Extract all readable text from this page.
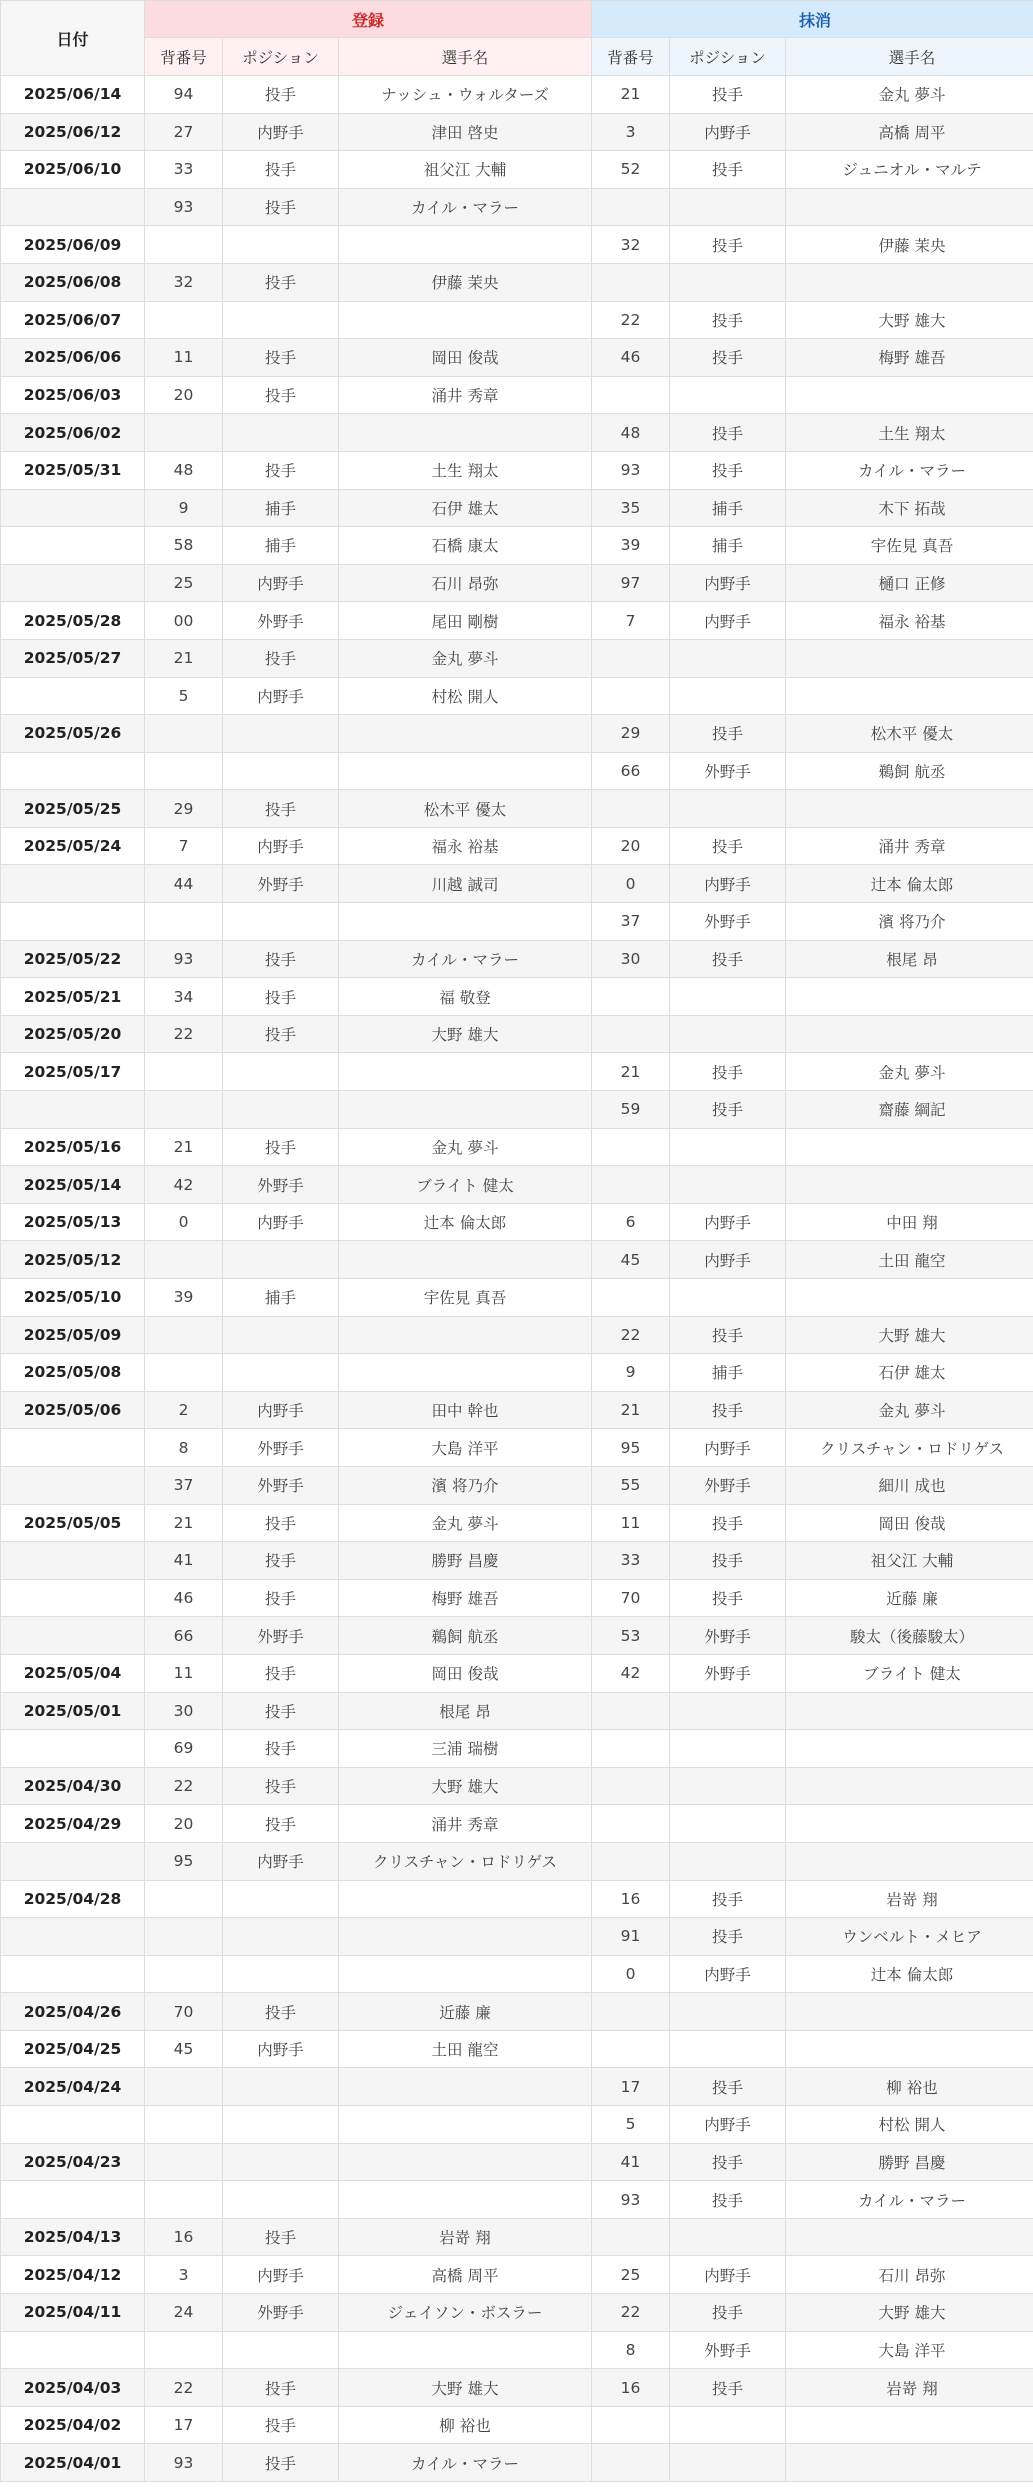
日付	登録			抹消		
	背番号	ポジション	選手名	背番号	ポジション	選手名
2025/06/14	94	投手	ナッシュ・ウォルターズ	21	投手	金丸 夢斗
2025/06/12	27	内野手	津田 啓史	3	内野手	高橋 周平
2025/06/10	33	投手	祖父江 大輔	52	投手	ジュニオル・マルテ
	93	投手	カイル・マラー			
2025/06/09				32	投手	伊藤 茉央
2025/06/08	32	投手	伊藤 茉央			
2025/06/07				22	投手	大野 雄大
2025/06/06	11	投手	岡田 俊哉	46	投手	梅野 雄吾
2025/06/03	20	投手	涌井 秀章			
2025/06/02				48	投手	土生 翔太
2025/05/31	48	投手	土生 翔太	93	投手	カイル・マラー
	9	捕手	石伊 雄太	35	捕手	木下 拓哉
	58	捕手	石橋 康太	39	捕手	宇佐見 真吾
	25	内野手	石川 昂弥	97	内野手	樋口 正修
2025/05/28	00	外野手	尾田 剛樹	7	内野手	福永 裕基
2025/05/27	21	投手	金丸 夢斗			
	5	内野手	村松 開人			
2025/05/26				29	投手	松木平 優太
				66	外野手	鵜飼 航丞
2025/05/25	29	投手	松木平 優太			
2025/05/24	7	内野手	福永 裕基	20	投手	涌井 秀章
	44	外野手	川越 誠司	0	内野手	辻本 倫太郎
				37	外野手	濱 将乃介
2025/05/22	93	投手	カイル・マラー	30	投手	根尾 昂
2025/05/21	34	投手	福 敬登			
2025/05/20	22	投手	大野 雄大			
2025/05/17				21	投手	金丸 夢斗
				59	投手	齋藤 綱記
2025/05/16	21	投手	金丸 夢斗			
2025/05/14	42	外野手	ブライト 健太			
2025/05/13	0	内野手	辻本 倫太郎	6	内野手	中田 翔
2025/05/12				45	内野手	土田 龍空
2025/05/10	39	捕手	宇佐見 真吾			
2025/05/09				22	投手	大野 雄大
2025/05/08				9	捕手	石伊 雄太
2025/05/06	2	内野手	田中 幹也	21	投手	金丸 夢斗
	8	外野手	大島 洋平	95	内野手	クリスチャン・ロドリゲス
	37	外野手	濱 将乃介	55	外野手	細川 成也
2025/05/05	21	投手	金丸 夢斗	11	投手	岡田 俊哉
	41	投手	勝野 昌慶	33	投手	祖父江 大輔
	46	投手	梅野 雄吾	70	投手	近藤 廉
	66	外野手	鵜飼 航丞	53	外野手	駿太（後藤駿太）
2025/05/04	11	投手	岡田 俊哉	42	外野手	ブライト 健太
2025/05/01	30	投手	根尾 昂			
	69	投手	三浦 瑞樹			
2025/04/30	22	投手	大野 雄大			
2025/04/29	20	投手	涌井 秀章			
	95	内野手	クリスチャン・ロドリゲス			
2025/04/28				16	投手	岩嵜 翔
				91	投手	ウンベルト・メヒア
				0	内野手	辻本 倫太郎
2025/04/26	70	投手	近藤 廉			
2025/04/25	45	内野手	土田 龍空			
2025/04/24				17	投手	柳 裕也
				5	内野手	村松 開人
2025/04/23				41	投手	勝野 昌慶
				93	投手	カイル・マラー
2025/04/13	16	投手	岩嵜 翔			
2025/04/12	3	内野手	高橋 周平	25	内野手	石川 昂弥
2025/04/11	24	外野手	ジェイソン・ボスラー	22	投手	大野 雄大
				8	外野手	大島 洋平
2025/04/03	22	投手	大野 雄大	16	投手	岩嵜 翔
2025/04/02	17	投手	柳 裕也			
2025/04/01	93	投手	カイル・マラー			
